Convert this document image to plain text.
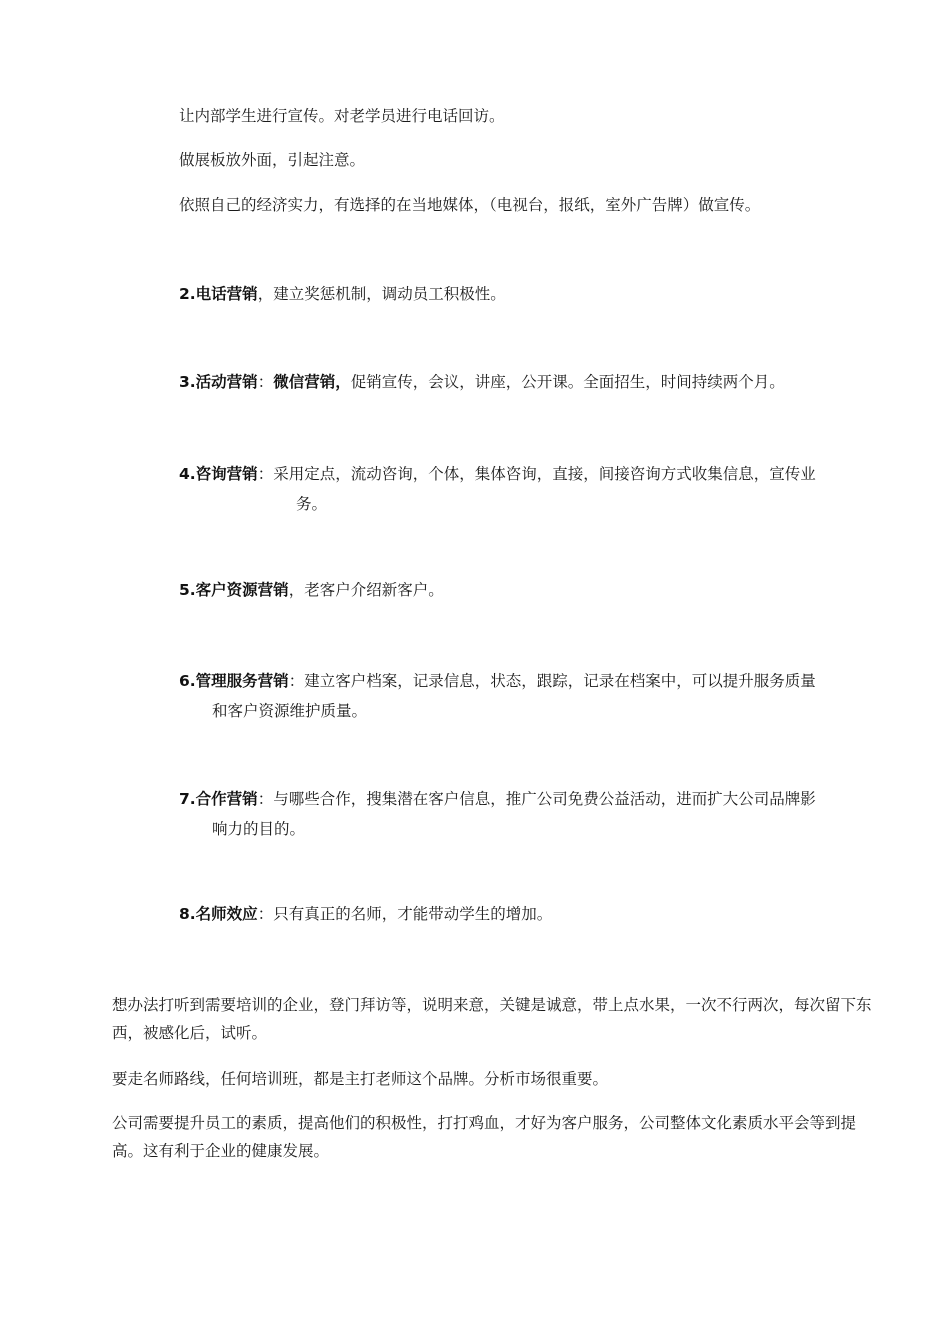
让内部学生进行宣传。对老学员进行电话回访。

做展板放外面，引起注意。

依照自己的经济实力，有选择的在当地媒体，（电视台，报纸，室外广告牌）做宣传。

2.电话营销，建立奖惩机制，调动员工积极性。
3.活动营销：微信营销，促销宣传，会议，讲座，公开课。全面招生，时间持续两个月。
4.咨询营销：采用定点，流动咨询，个体，集体咨询，直接，间接咨询方式收集信息，宣传业
务。
5.客户资源营销，老客户介绍新客户。
6.管理服务营销：建立客户档案，记录信息，状态，跟踪，记录在档案中，可以提升服务质量
和客户资源维护质量。
7.合作营销：与哪些合作，搜集潜在客户信息，推广公司免费公益活动，进而扩大公司品牌影
响力的目的。
8.名师效应：只有真正的名师，才能带动学生的增加。

想办法打听到需要培训的企业，登门拜访等，说明来意，关键是诚意，带上点水果，一次不行两次，每次留下东西，被感化后，试听。

要走名师路线，任何培训班，都是主打老师这个品牌。分析市场很重要。

公司需要提升员工的素质，提高他们的积极性，打打鸡血，才好为客户服务，公司整体文化素质水平会等到提高。这有利于企业的健康发展。
